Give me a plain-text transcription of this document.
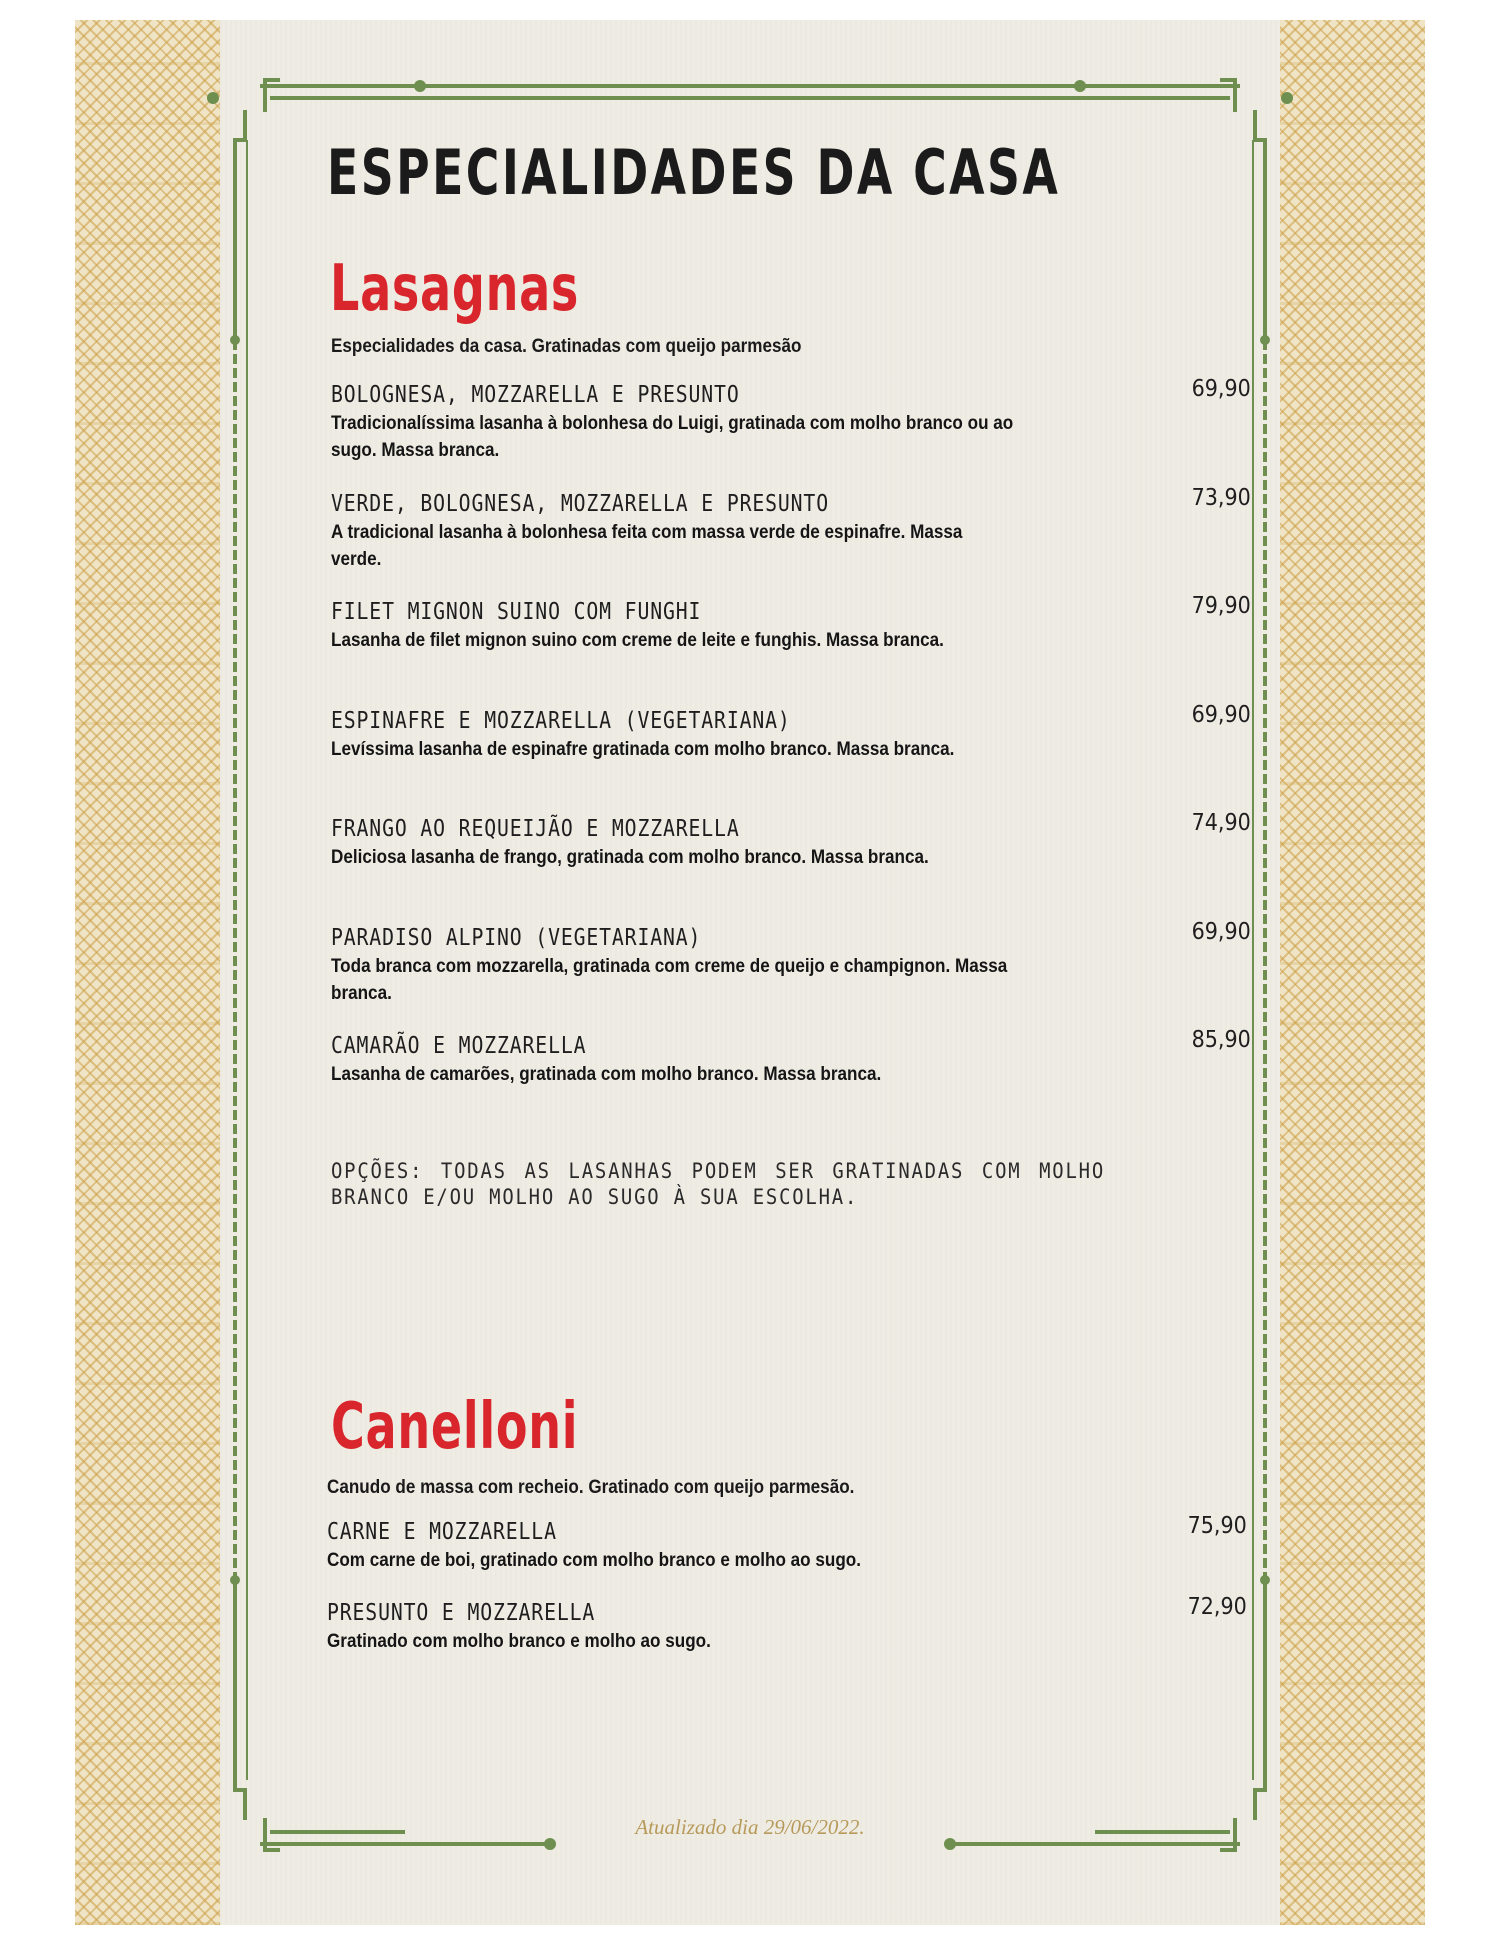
ESPECIALIDADES DA CASA
Lasagnas

Especialidades da casa. Gratinadas com queijo parmesão

BOLOGNESA, MOZZARELLA E PRESUNTO	69,90
Tradicionalíssima lasanha à bolonhesa do Luigi, gratinada com molho branco ou ao sugo. Massa branca.
VERDE, BOLOGNESA, MOZZARELLA E PRESUNTO	73,90
A tradicional lasanha à bolonhesa feita com massa verde de espinafre. Massa verde.
FILET MIGNON SUINO COM FUNGHI	79,90
Lasanha de filet mignon suino com creme de leite e funghis. Massa branca.
ESPINAFRE E MOZZARELLA (VEGETARIANA)	69,90
Levíssima lasanha de espinafre gratinada com molho branco. Massa branca.
FRANGO AO REQUEIJÃO E MOZZARELLA	74,90
Deliciosa lasanha de frango, gratinada com molho branco. Massa branca.
PARADISO ALPINO (VEGETARIANA)	69,90
Toda branca com mozzarella, gratinada com creme de queijo e champignon. Massa branca.
CAMARÃO E MOZZARELLA	85,90
Lasanha de camarões, gratinada com molho branco. Massa branca.
OPÇÕES: TODAS AS LASANHAS PODEM SER GRATINADAS COM MOLHO BRANCO E/OU MOLHO AO SUGO À SUA ESCOLHA.
Canelloni

Canudo de massa com recheio. Gratinado com queijo parmesão.

CARNE E MOZZARELLA	75,90
Com carne de boi, gratinado com molho branco e molho ao sugo.
PRESUNTO E MOZZARELLA	72,90
Gratinado com molho branco e molho ao sugo.
Atualizado dia 29/06/2022.
